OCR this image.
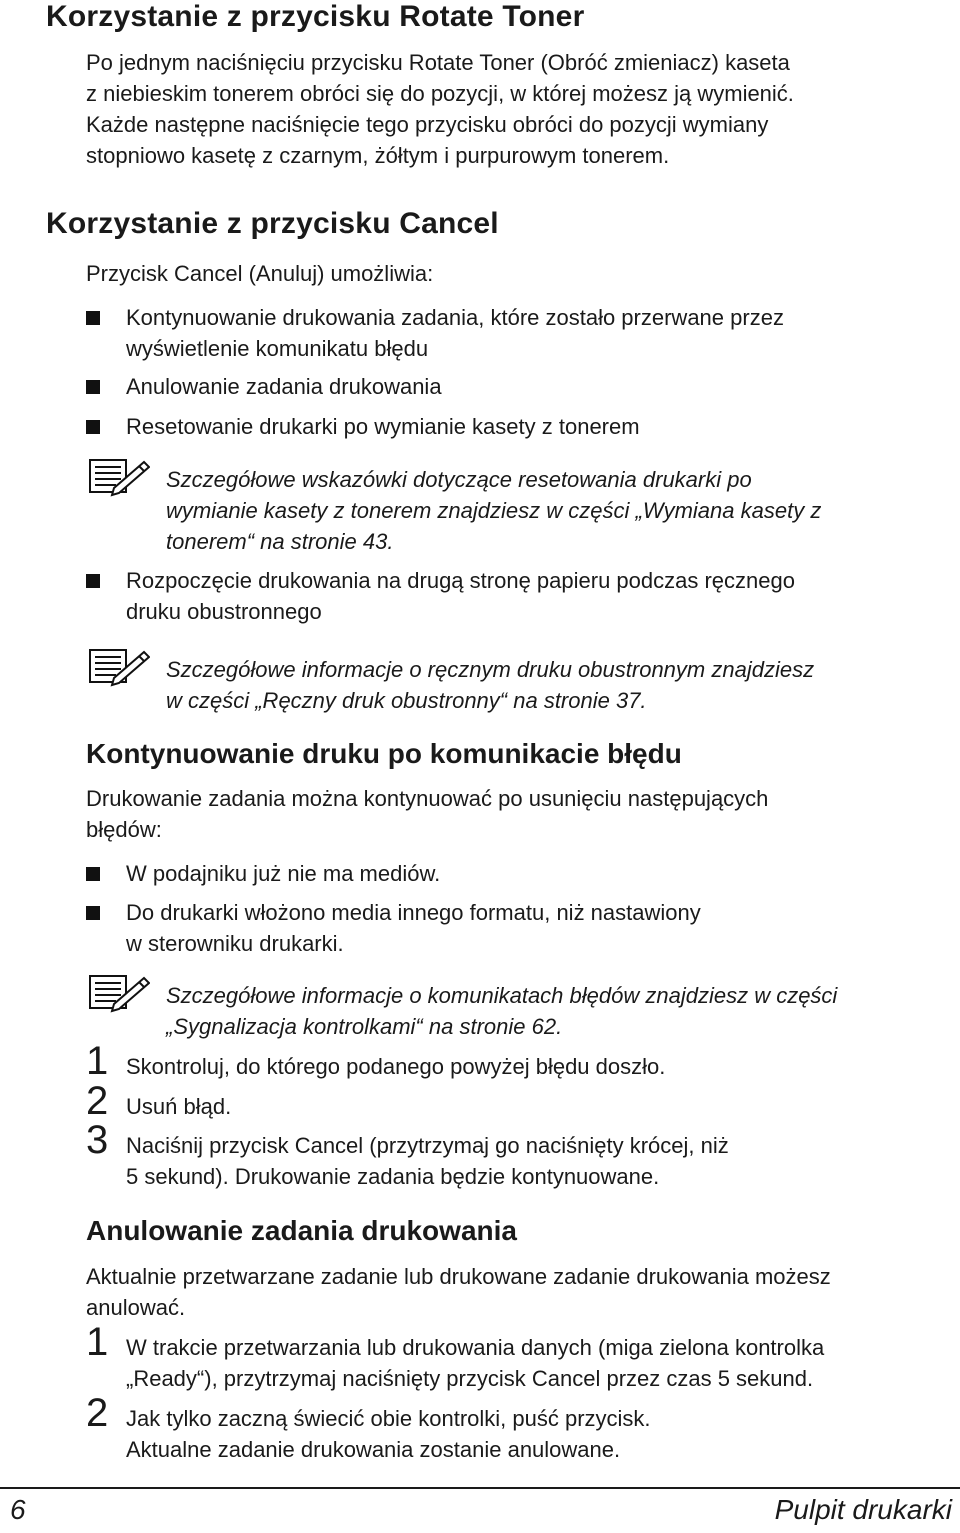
Korzystanie z przycisku Rotate Toner
Po jednym naciśnięciu przycisku Rotate Toner (Obróć zmieniacz) kaseta
z niebieskim tonerem obróci się do pozycji, w której możesz ją wymienić.
Każde następne naciśnięcie tego przycisku obróci do pozycji wymiany
stopniowo kasetę z czarnym, żółtym i purpurowym tonerem.
Korzystanie z przycisku Cancel
Przycisk Cancel (Anuluj) umożliwia:
Kontynuowanie drukowania zadania, które zostało przerwane przez
wyświetlenie komunikatu błędu
Anulowanie zadania drukowania
Resetowanie drukarki po wymianie kasety z tonerem
Szczegółowe wskazówki dotyczące resetowania drukarki po
wymianie kasety z tonerem znajdziesz w części „Wymiana kasety z
tonerem“ na stronie 43.
Rozpoczęcie drukowania na drugą stronę papieru podczas ręcznego
druku obustronnego
Szczegółowe informacje o ręcznym druku obustronnym znajdziesz
w części „Ręczny druk obustronny“ na stronie 37.
Kontynuowanie druku po komunikacie błędu
Drukowanie zadania można kontynuować po usunięciu następujących
błędów:
W podajniku już nie ma mediów.
Do drukarki włożono media innego formatu, niż nastawiony
w sterowniku drukarki.
Szczegółowe informacje o komunikatach błędów znajdziesz w części
„Sygnalizacja kontrolkami“ na stronie 62.
1 Skontroluj, do którego podanego powyżej błędu doszło.
2 Usuń błąd.
3 Naciśnij przycisk Cancel (przytrzymaj go naciśnięty krócej, niż
5 sekund). Drukowanie zadania będzie kontynuowane.
Anulowanie zadania drukowania
Aktualnie przetwarzane zadanie lub drukowane zadanie drukowania możesz
anulować.
1 W trakcie przetwarzania lub drukowania danych (miga zielona kontrolka
„Ready“), przytrzymaj naciśnięty przycisk Cancel przez czas 5 sekund.
2 Jak tylko zaczną świecić obie kontrolki, puść przycisk.
Aktualne zadanie drukowania zostanie anulowane.
6	Pulpit drukarki
